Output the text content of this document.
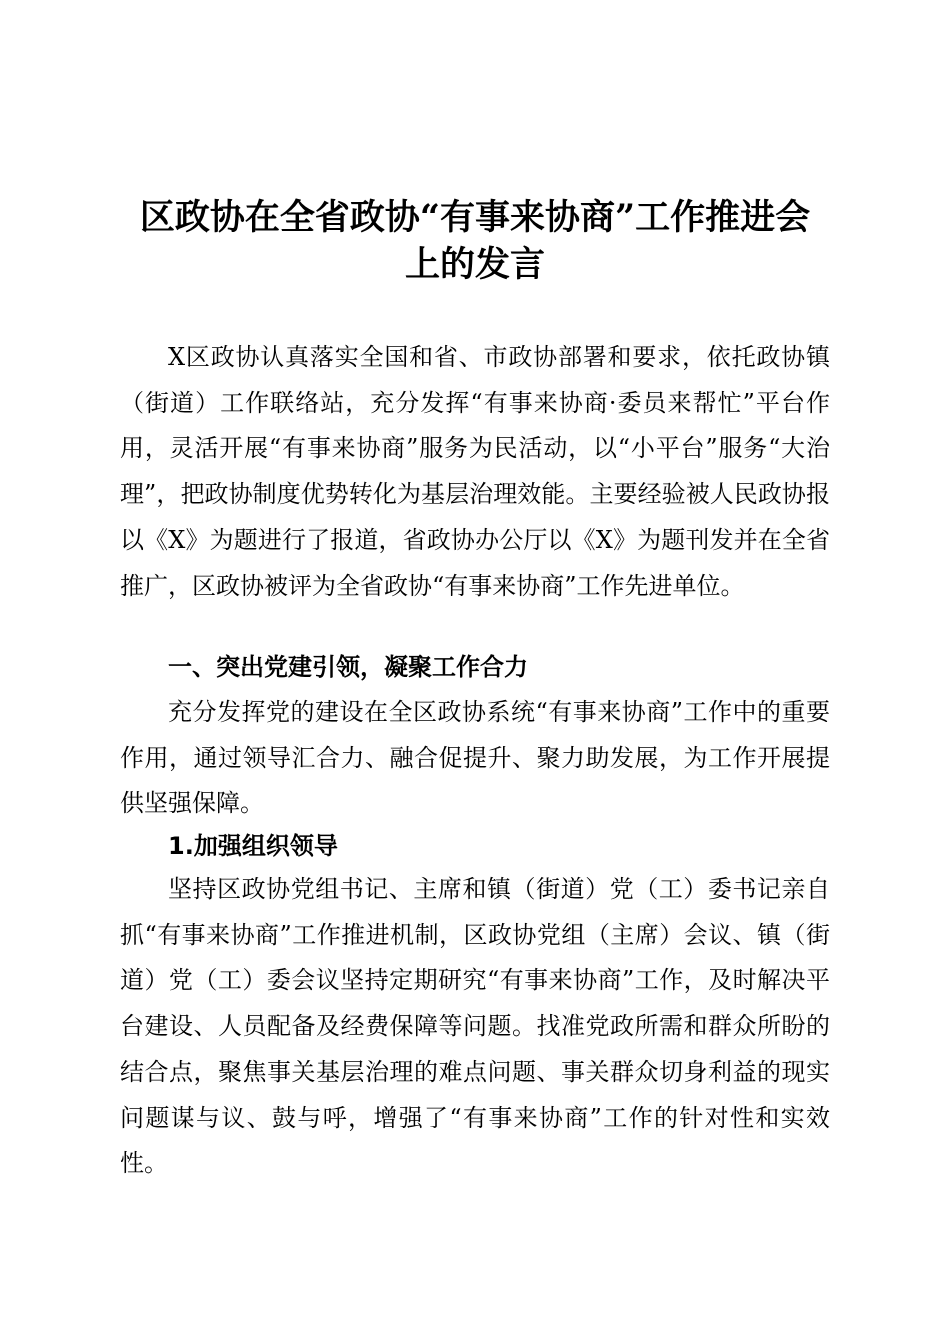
区政协在全省政协“有事来协商”工作推进会
上的发言

X区政协认真落实全国和省、市政协部署和要求，依托政协镇（街道）工作联络站，充分发挥“有事来协商·委员来帮忙”平台作用，灵活开展“有事来协商”服务为民活动，以“小平台”服务“大治理”，把政协制度优势转化为基层治理效能。主要经验被人民政协报以《X》为题进行了报道，省政协办公厅以《X》为题刊发并在全省推广，区政协被评为全省政协“有事来协商”工作先进单位。

一、突出党建引领，凝聚工作合力

充分发挥党的建设在全区政协系统“有事来协商”工作中的重要作用，通过领导汇合力、融合促提升、聚力助发展，为工作开展提供坚强保障。

1.加强组织领导

坚持区政协党组书记、主席和镇（街道）党（工）委书记亲自抓“有事来协商”工作推进机制，区政协党组（主席）会议、镇（街道）党（工）委会议坚持定期研究“有事来协商”工作，及时解决平台建设、人员配备及经费保障等问题。找准党政所需和群众所盼的结合点，聚焦事关基层治理的难点问题、事关群众切身利益的现实问题谋与议、鼓与呼，增强了“有事来协商”工作的针对性和实效性。
